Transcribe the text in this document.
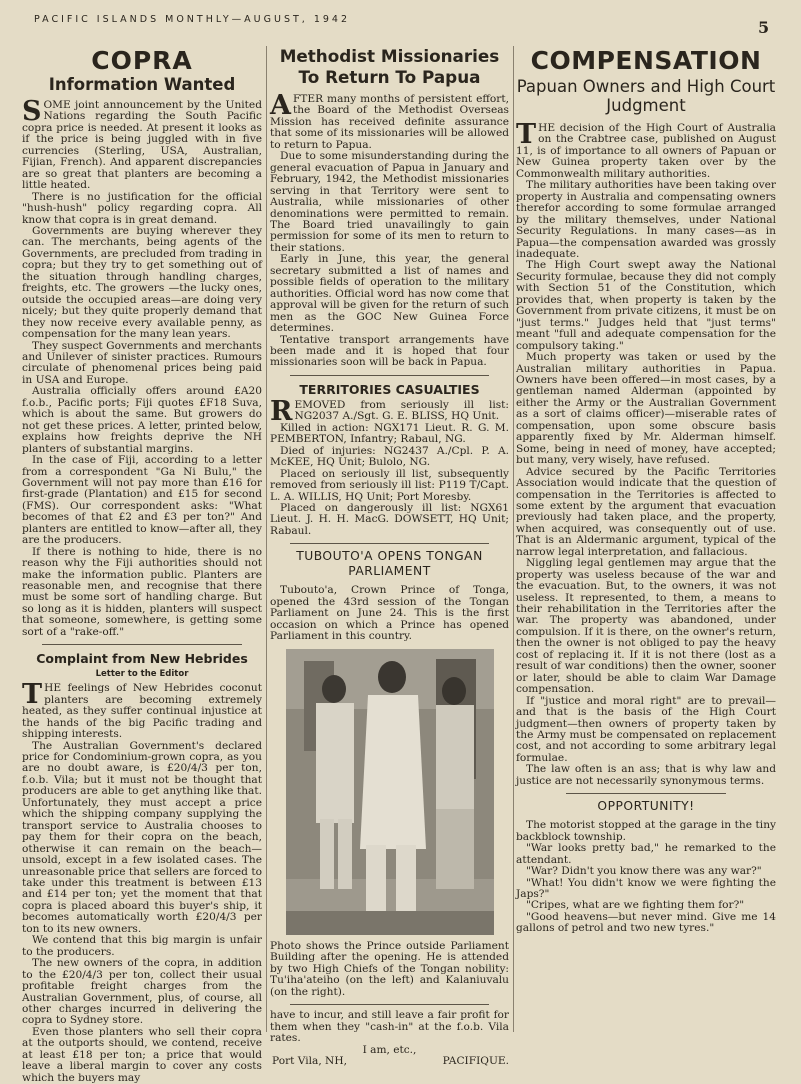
PACIFIC ISLANDS MONTHLY—AUGUST, 1942	5
COPRA
Information Wanted

SOME joint announcement by the United Nations regarding the South Pacific copra price is needed. At present it looks as if the price is being juggled with in five currencies (Sterling, USA, Australian, Fijian, French). And apparent discrepancies are so great that planters are becoming a little heated.

There is no justification for the official "hush-hush" policy regarding copra. All know that copra is in great demand.

Governments are buying wherever they can. The merchants, being agents of the Governments, are precluded from trading in copra; but they try to get something out of the situation through handling charges, freights, etc. The growers —the lucky ones, outside the occupied areas—are doing very nicely; but they quite properly demand that they now receive every available penny, as compensation for the many lean years.

They suspect Governments and merchants and Unilever of sinister practices. Rumours circulate of phenomenal prices being paid in USA and Europe.

Australia officially offers around £A20 f.o.b., Pacific ports; Fiji quotes £F18 Suva, which is about the same. But growers do not get these prices. A letter, printed below, explains how freights deprive the NH planters of substantial margins.

In the case of Fiji, according to a letter from a correspondent "Ga Ni Bulu," the Government will not pay more than £16 for first-grade (Plantation) and £15 for second (FMS). Our correspondent asks: "What becomes of that £2 and £3 per ton?" And planters are entitled to know—after all, they are the producers.

If there is nothing to hide, there is no reason why the Fiji authorities should not make the information public. Planters are reasonable men, and recognise that there must be some sort of handling charge. But so long as it is hidden, planters will suspect that someone, somewhere, is getting some sort of a "rake-off."

Complaint from New Hebrides
Letter to the Editor

THE feelings of New Hebrides coconut planters are becoming extremely heated, as they suffer continual injustice at the hands of the big Pacific trading and shipping interests.

The Australian Government's declared price for Condominium-grown copra, as you are no doubt aware, is £20/4/3 per ton, f.o.b. Vila; but it must not be thought that producers are able to get anything like that. Unfortunately, they must accept a price which the shipping company supplying the transport service to Australia chooses to pay them for their copra on the beach, otherwise it can remain on the beach—unsold, except in a few isolated cases. The unreasonable price that sellers are forced to take under this treatment is between £13 and £14 per ton; yet the moment that that copra is placed aboard this buyer's ship, it becomes automatically worth £20/4/3 per ton to its new owners.

We contend that this big margin is unfair to the producers.

The new owners of the copra, in addition to the £20/4/3 per ton, collect their usual profitable freight charges from the Australian Government, plus, of course, all other charges incurred in delivering the copra to Sydney store.

Even those planters who sell their copra at the outports should, we contend, receive at least £18 per ton; a price that would leave a liberal margin to cover any costs which the buyers may

Methodist Missionaries To Return To Papua

AFTER many months of persistent effort, the Board of the Methodist Overseas Mission has received definite assurance that some of its missionaries will be allowed to return to Papua.

Due to some misunderstanding during the general evacuation of Papua in January and February, 1942, the Methodist missionaries serving in that Territory were sent to Australia, while missionaries of other denominations were permitted to remain. The Board tried unavailingly to gain permission for some of its men to return to their stations.

Early in June, this year, the general secretary submitted a list of names and possible fields of operation to the military authorities. Official word has now come that approval will be given for the return of such men as the GOC New Guinea Force determines.

Tentative transport arrangements have been made and it is hoped that four missionaries soon will be back in Papua.

TERRITORIES CASUALTIES

REMOVED from seriously ill list: NG2037 A./Sgt. G. E. BLISS, HQ Unit.

Killed in action: NGX171 Lieut. R. G. M. PEMBERTON, Infantry; Rabaul, NG.

Died of injuries: NG2437 A./Cpl. P. A. McKEE, HQ Unit; Bulolo, NG.

Placed on seriously ill list, subsequently removed from seriously ill list: P119 T/Capt. L. A. WILLIS, HQ Unit; Port Moresby.

Placed on dangerously ill list: NGX61 Lieut. J. H. H. MacG. DOWSETT, HQ Unit; Rabaul.

TUBOUTO'A OPENS TONGAN PARLIAMENT

Tubouto'a, Crown Prince of Tonga, opened the 43rd session of the Tongan Parliament on June 24. This is the first occasion on which a Prince has opened Parliament in this country.

Photo shows the Prince outside Parliament Building after the opening. He is attended by two High Chiefs of the Tongan nobility: Tu'iha'ateiho (on the left) and Kalaniuvalu (on the right).
have to incur, and still leave a fair profit for them when they "cash-in" at the f.o.b. Vila rates.
I am, etc.,
Port Vila, NH,	PACIFIQUE.
COMPENSATION
Papuan Owners and High Court Judgment

THE decision of the High Court of Australia on the Crabtree case, published on August 11, is of importance to all owners of Papuan or New Guinea property taken over by the Commonwealth military authorities.

The military authorities have been taking over property in Australia and compensating owners therefor according to some formulae arranged by the military themselves, under National Security Regulations. In many cases—as in Papua—the compensation awarded was grossly inadequate.

The High Court swept away the National Security formulae, because they did not comply with Section 51 of the Constitution, which provides that, when property is taken by the Government from private citizens, it must be on "just terms." Judges held that "just terms" meant "full and adequate compensation for the compulsory taking."

Much property was taken or used by the Australian military authorities in Papua. Owners have been offered—in most cases, by a gentleman named Alderman (appointed by either the Army or the Australian Government as a sort of claims officer)—miserable rates of compensation, upon some obscure basis apparently fixed by Mr. Alderman himself. Some, being in need of money, have accepted; but many, very wisely, have refused.

Advice secured by the Pacific Territories Association would indicate that the question of compensation in the Territories is affected to some extent by the argument that evacuation previously had taken place, and the property, when acquired, was consequently out of use. That is an Aldermanic argument, typical of the narrow legal interpretation, and fallacious.

Niggling legal gentlemen may argue that the property was useless because of the war and the evacuation. But, to the owners, it was not useless. It represented, to them, a means to their rehabilitation in the Territories after the war. The property was abandoned, under compulsion. If it is there, on the owner's return, then the owner is not obliged to pay the heavy cost of replacing it. If it is not there (lost as a result of war conditions) then the owner, sooner or later, should be able to claim War Damage compensation.

If "justice and moral right" are to prevail—and that is the basis of the High Court judgment—then owners of property taken by the Army must be compensated on replacement cost, and not according to some arbitrary legal formulae.

The law often is an ass; that is why law and justice are not necessarily synonymous terms.

OPPORTUNITY!

The motorist stopped at the garage in the tiny backblock township.

"War looks pretty bad," he remarked to the attendant.

"War? Didn't you know there was any war?"

"What! You didn't know we were fighting the Japs?"

"Cripes, what are we fighting them for?"

"Good heavens—but never mind. Give me 14 gallons of petrol and two new tyres."
